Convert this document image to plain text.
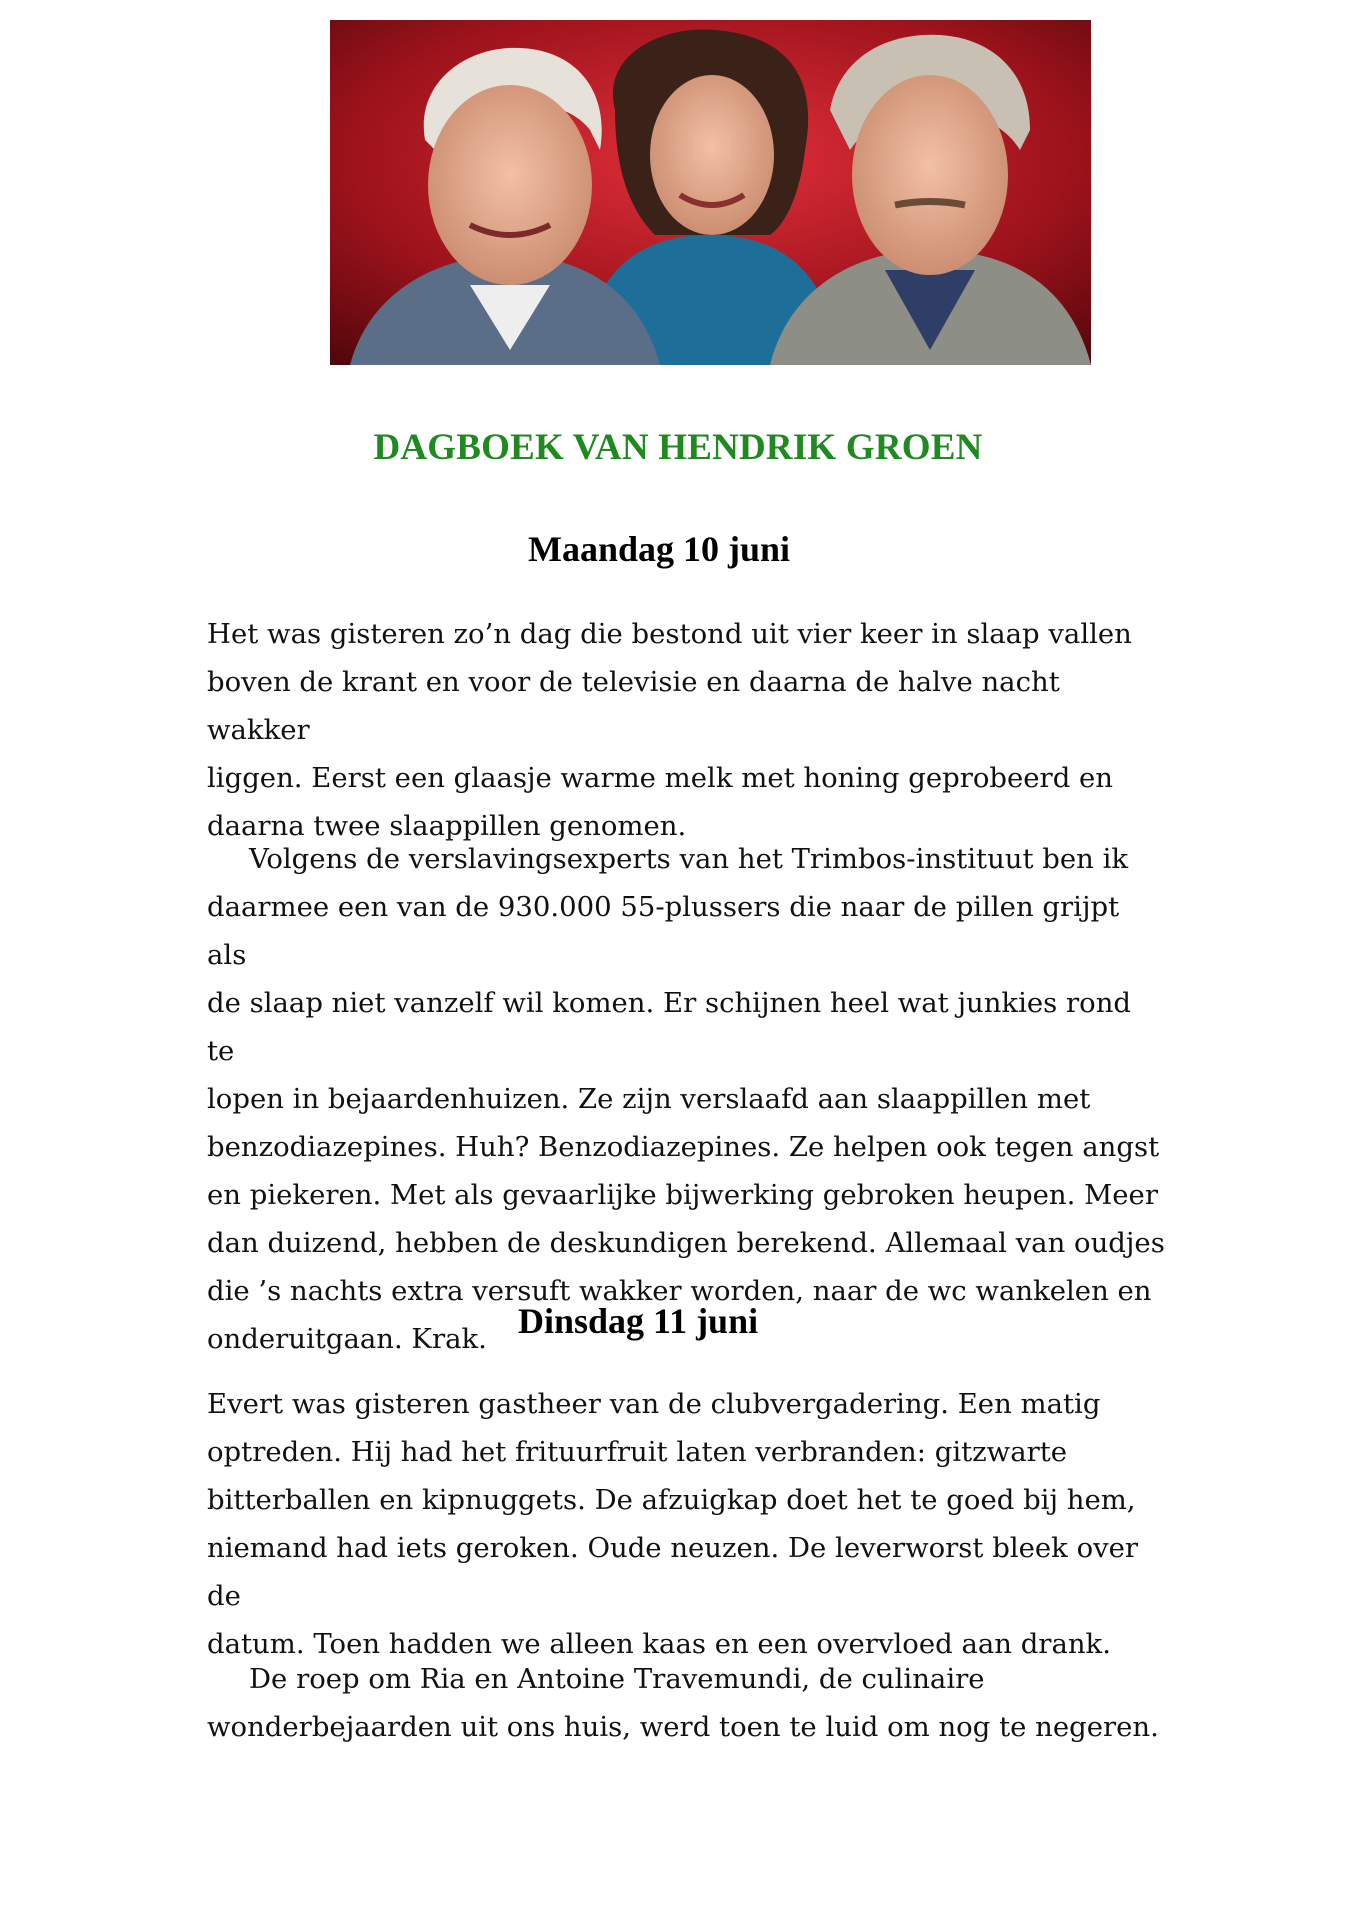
DAGBOEK VAN HENDRIK GROEN
Maandag 10 juni

Het was gisteren zo’n dag die bestond uit vier keer in slaap vallen
boven de krant en voor de televisie en daarna de halve nacht wakker
liggen. Eerst een glaasje warme melk met honing geprobeerd en
daarna twee slaappillen genomen.

Volgens de verslavingsexperts van het Trimbos-instituut ben ik
daarmee een van de 930.000 55-plussers die naar de pillen grijpt als
de slaap niet vanzelf wil komen. Er schijnen heel wat junkies rond te
lopen in bejaardenhuizen. Ze zijn verslaafd aan slaappillen met
benzodiazepines. Huh? Benzodiazepines. Ze helpen ook tegen angst
en piekeren. Met als gevaarlijke bijwerking gebroken heupen. Meer
dan duizend, hebben de deskundigen berekend. Allemaal van oudjes
die ’s nachts extra versuft wakker worden, naar de wc wankelen en
onderuitgaan. Krak. Dinsdag 11 juni

Evert was gisteren gastheer van de clubvergadering. Een matig
optreden. Hij had het frituurfruit laten verbranden: gitzwarte
bitterballen en kipnuggets. De afzuigkap doet het te goed bij hem,
niemand had iets geroken. Oude neuzen. De leverworst bleek over de
datum. Toen hadden we alleen kaas en een overvloed aan drank.

De roep om Ria en Antoine Travemundi, de culinaire
wonderbejaarden uit ons huis, werd toen te luid om nog te negeren.
